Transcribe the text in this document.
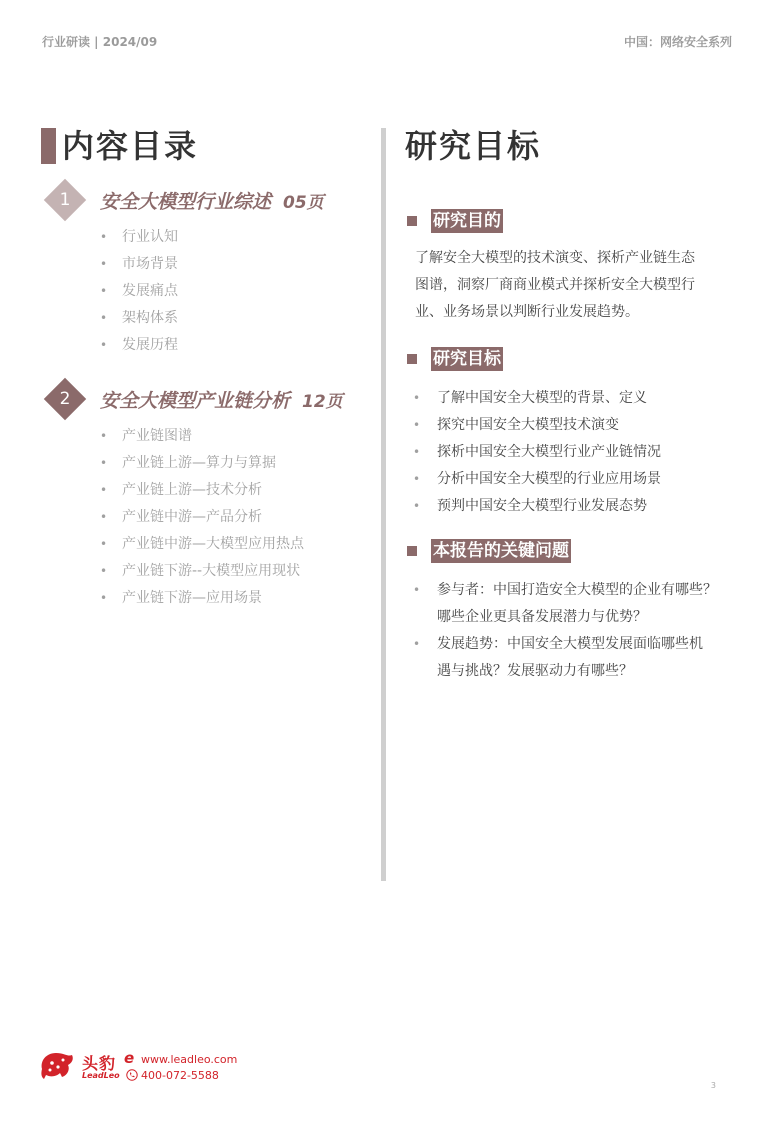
行业研读 | 2024/09	中国：网络安全系列
内容目录
1	安全大模型行业综述 05页
• 行业认知
• 市场背景
• 发展痛点
• 架构体系
• 发展历程
2	安全大模型产业链分析 12页
• 产业链图谱
• 产业链上游—算力与算据
• 产业链上游—技术分析
• 产业链中游—产品分析
• 产业链中游—大模型应用热点
• 产业链下游--大模型应用现状
• 产业链下游—应用场景
研究目标
研究目的
了解安全大模型的技术演变、探析产业链生态
图谱，洞察厂商商业模式并探析安全大模型行
业、业务场景以判断行业发展趋势。
研究目标
• 了解中国安全大模型的背景、定义
• 探究中国安全大模型技术演变
• 探析中国安全大模型行业产业链情况
• 分析中国安全大模型的行业应用场景
• 预判中国安全大模型行业发展态势
本报告的关键问题
• 参与者：中国打造安全大模型的企业有哪些？
哪些企业更具备发展潜力与优势？
• 发展趋势：中国安全大模型发展面临哪些机
遇与挑战？发展驱动力有哪些？
头豹
LeadLeo
e www.leadleo.com
400-072-5588
3
